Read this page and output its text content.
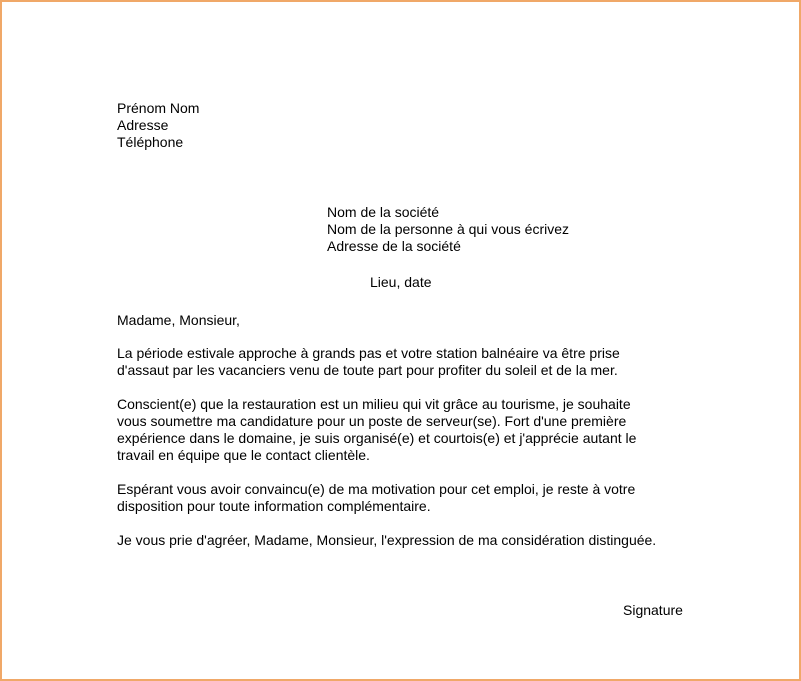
Prénom Nom
Adresse
Téléphone
Nom de la société
Nom de la personne à qui vous écrivez
Adresse de la société
Lieu, date
Madame, Monsieur,
La période estivale approche à grands pas et votre station balnéaire va être prise
d'assaut par les vacanciers venu de toute part pour profiter du soleil et de la mer.
Conscient(e) que la restauration est un milieu qui vit grâce au tourisme, je souhaite
vous soumettre ma candidature pour un poste de serveur(se). Fort d'une première
expérience dans le domaine, je suis organisé(e) et courtois(e) et j'apprécie autant le
travail en équipe que le contact clientèle.
Espérant vous avoir convaincu(e) de ma motivation pour cet emploi, je reste à votre
disposition pour toute information complémentaire.
Je vous prie d'agréer, Madame, Monsieur, l'expression de ma considération distinguée.
Signature
